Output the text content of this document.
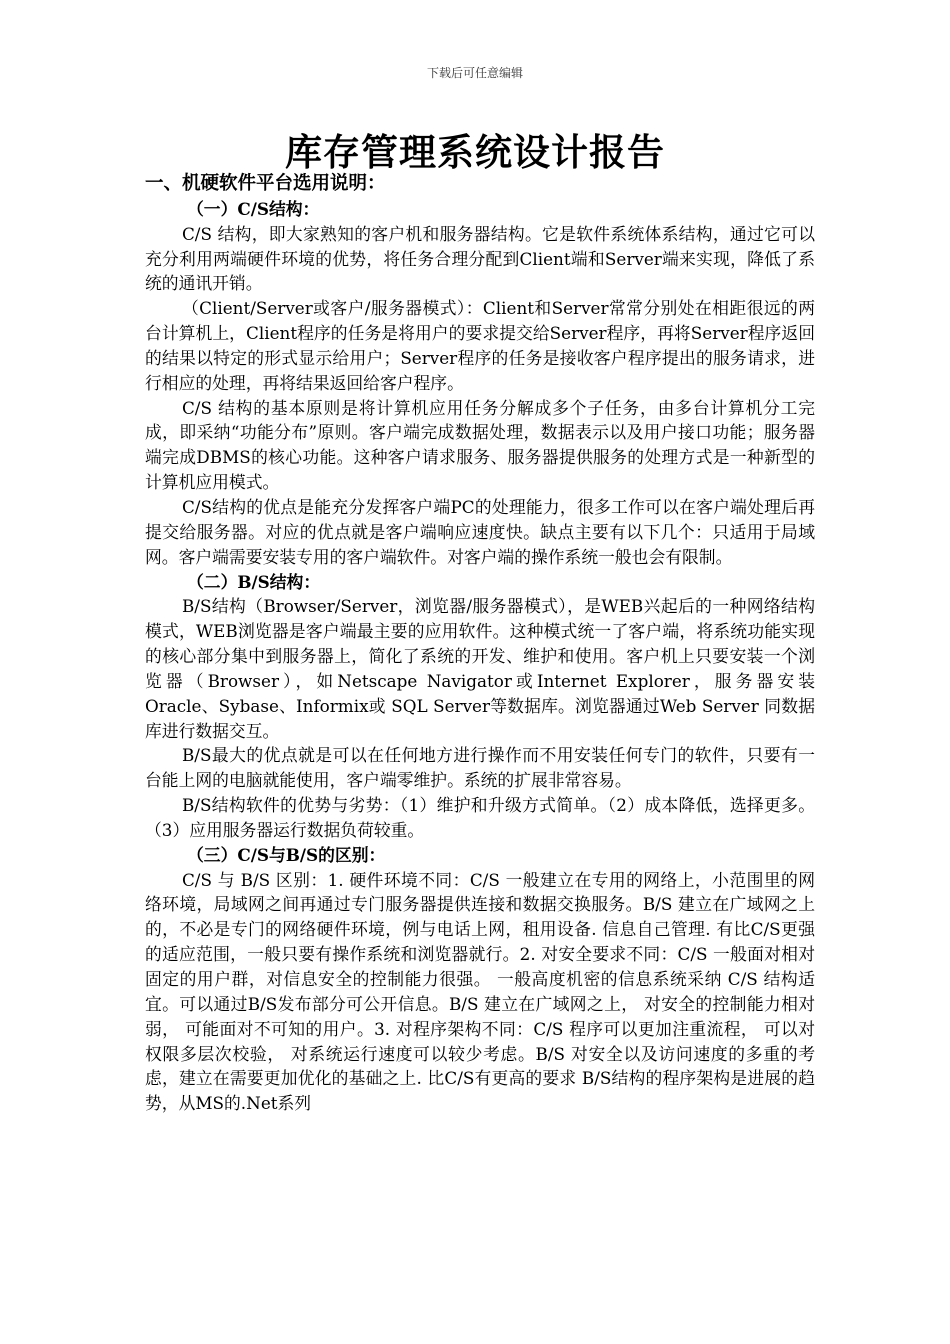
下载后可任意编辑
库存管理系统设计报告
一、机硬软件平台选用说明：
（一）C/S结构：

C/S 结构，即大家熟知的客户机和服务器结构。它是软件系统体系结构，通过它可以充分利用两端硬件环境的优势，将任务合理分配到Client端和Server端来实现，降低了系统的通讯开销。

（Client/Server或客户/服务器模式）：Client和Server常常分别处在相距很远的两台计算机上，Client程序的任务是将用户的要求提交给Server程序，再将Server程序返回的结果以特定的形式显示给用户；Server程序的任务是接收客户程序提出的服务请求，进行相应的处理，再将结果返回给客户程序。

C/S 结构的基本原则是将计算机应用任务分解成多个子任务，由多台计算机分工完成，即采纳“功能分布”原则。客户端完成数据处理，数据表示以及用户接口功能；服务器端完成DBMS的核心功能。这种客户请求服务、服务器提供服务的处理方式是一种新型的计算机应用模式。

C/S结构的优点是能充分发挥客户端PC的处理能力，很多工作可以在客户端处理后再提交给服务器。对应的优点就是客户端响应速度快。缺点主要有以下几个：只适用于局域网。客户端需要安装专用的客户端软件。对客户端的操作系统一般也会有限制。

（二）B/S结构：

B/S结构（Browser/Server，浏览器/服务器模式），是WEB兴起后的一种网络结构模式，WEB浏览器是客户端最主要的应用软件。这种模式统一了客户端，将系统功能实现的核心部分集中到服务器上，简化了系统的开发、维护和使用。客户机上只要安装一个浏览器（Browser），如Netscape Navigator或Internet Explorer，服务器安装Oracle、Sybase、Informix或 SQL Server等数据库。浏览器通过Web Server 同数据库进行数据交互。

B/S最大的优点就是可以在任何地方进行操作而不用安装任何专门的软件，只要有一台能上网的电脑就能使用，客户端零维护。系统的扩展非常容易。

B/S结构软件的优势与劣势：（1）维护和升级方式简单。（2）成本降低，选择更多。（3）应用服务器运行数据负荷较重。

（三）C/S与B/S的区别：

C/S 与 B/S 区别：1. 硬件环境不同：C/S 一般建立在专用的网络上，小范围里的网络环境，局域网之间再通过专门服务器提供连接和数据交换服务。B/S 建立在广域网之上的，不必是专门的网络硬件环境，例与电话上网，租用设备. 信息自己管理. 有比C/S更强的适应范围，一般只要有操作系统和浏览器就行。2. 对安全要求不同：C/S 一般面对相对固定的用户群，对信息安全的控制能力很强。 一般高度机密的信息系统采纳 C/S 结构适宜。可以通过B/S发布部分可公开信息。B/S 建立在广域网之上， 对安全的控制能力相对弱， 可能面对不可知的用户。3. 对程序架构不同：C/S 程序可以更加注重流程， 可以对权限多层次校验， 对系统运行速度可以较少考虑。B/S 对安全以及访问速度的多重的考虑，建立在需要更加优化的基础之上. 比C/S有更高的要求 B/S结构的程序架构是进展的趋势，从MS的.Net系列
